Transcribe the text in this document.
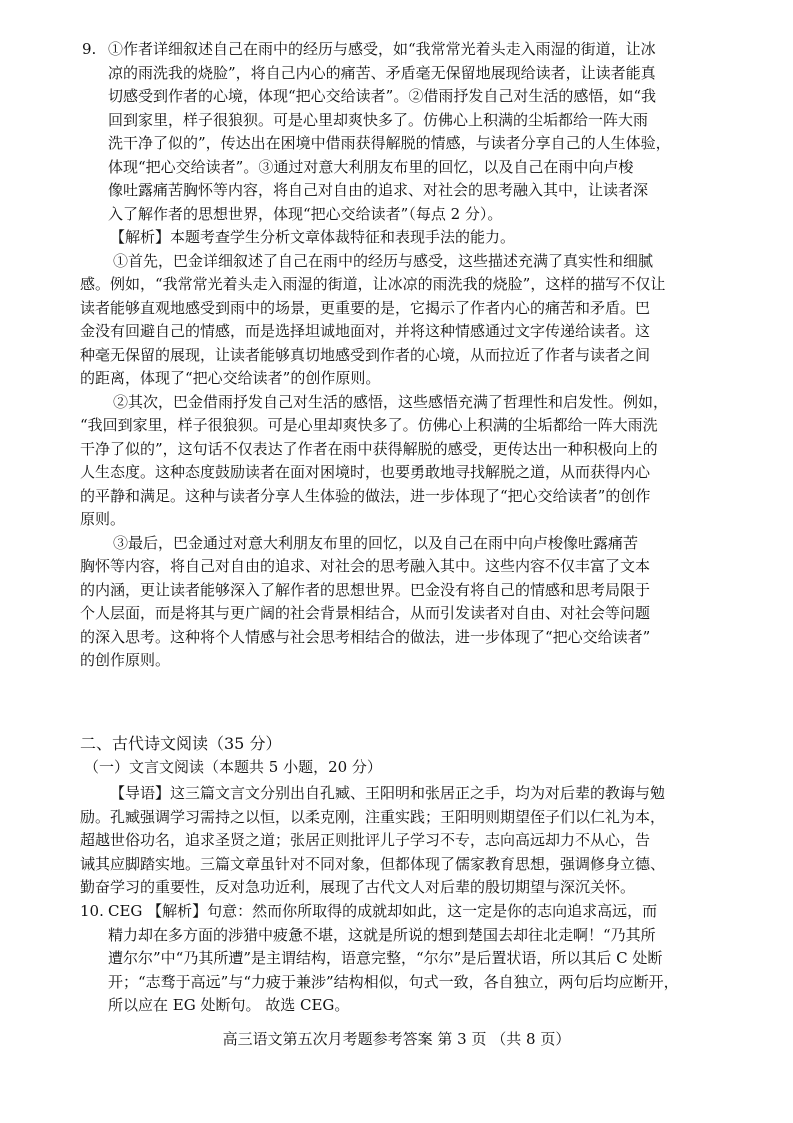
9. ①作者详细叙述自己在雨中的经历与感受，如“我常常光着头走入雨湿的街道，让冰
凉的雨洗我的烧脸”，将自己内心的痛苦、矛盾毫无保留地展现给读者，让读者能真
切感受到作者的心境，体现“把心交给读者”。②借雨抒发自己对生活的感悟，如“我
回到家里，样子很狼狈。可是心里却爽快多了。仿佛心上积满的尘垢都给一阵大雨
洗干净了似的”，传达出在困境中借雨获得解脱的情感，与读者分享自己的人生体验，
体现“把心交给读者”。③通过对意大利朋友布里的回忆，以及自己在雨中向卢梭
像吐露痛苦胸怀等内容，将自己对自由的追求、对社会的思考融入其中，让读者深
入了解作者的思想世界，体现“把心交给读者”（每点 2 分）。
【解析】本题考查学生分析文章体裁特征和表现手法的能力。
①首先，巴金详细叙述了自己在雨中的经历与感受，这些描述充满了真实性和细腻
感。例如，“我常常光着头走入雨湿的街道，让冰凉的雨洗我的烧脸”，这样的描写不仅让
读者能够直观地感受到雨中的场景，更重要的是，它揭示了作者内心的痛苦和矛盾。巴
金没有回避自己的情感，而是选择坦诚地面对，并将这种情感通过文字传递给读者。这
种毫无保留的展现，让读者能够真切地感受到作者的心境，从而拉近了作者与读者之间
的距离，体现了“把心交给读者”的创作原则。
②其次，巴金借雨抒发自己对生活的感悟，这些感悟充满了哲理性和启发性。例如，
“我回到家里，样子很狼狈。可是心里却爽快多了。仿佛心上积满的尘垢都给一阵大雨洗
干净了似的”，这句话不仅表达了作者在雨中获得解脱的感受，更传达出一种积极向上的
人生态度。这种态度鼓励读者在面对困境时，也要勇敢地寻找解脱之道，从而获得内心
的平静和满足。这种与读者分享人生体验的做法，进一步体现了“把心交给读者”的创作
原则。
③最后，巴金通过对意大利朋友布里的回忆，以及自己在雨中向卢梭像吐露痛苦
胸怀等内容，将自己对自由的追求、对社会的思考融入其中。这些内容不仅丰富了文本
的内涵，更让读者能够深入了解作者的思想世界。巴金没有将自己的情感和思考局限于
个人层面，而是将其与更广阔的社会背景相结合，从而引发读者对自由、对社会等问题
的深入思考。这种将个人情感与社会思考相结合的做法，进一步体现了“把心交给读者”
的创作原则。
二、古代诗文阅读（35 分）
（一）文言文阅读（本题共 5 小题，20 分）
【导语】这三篇文言文分别出自孔臧、王阳明和张居正之手，均为对后辈的教诲与勉
励。孔臧强调学习需持之以恒，以柔克刚，注重实践；王阳明则期望侄子们以仁礼为本，
超越世俗功名，追求圣贤之道；张居正则批评儿子学习不专，志向高远却力不从心，告
诫其应脚踏实地。三篇文章虽针对不同对象，但都体现了儒家教育思想，强调修身立德、
勤奋学习的重要性，反对急功近利，展现了古代文人对后辈的殷切期望与深沉关怀。
10. CEG 【解析】句意：然而你所取得的成就却如此，这一定是你的志向追求高远，而
精力却在多方面的涉猎中疲惫不堪，这就是所说的想到楚国去却往北走啊！“乃其所
遭尔尔”中“乃其所遭”是主谓结构，语意完整，“尔尔”是后置状语，所以其后 C 处断
开；“志骛于高远”与“力疲于兼涉”结构相似，句式一致，各自独立，两句后均应断开，
所以应在 EG 处断句。 故选 CEG。
高三语文第五次月考题参考答案 第 3 页 （共 8 页）
